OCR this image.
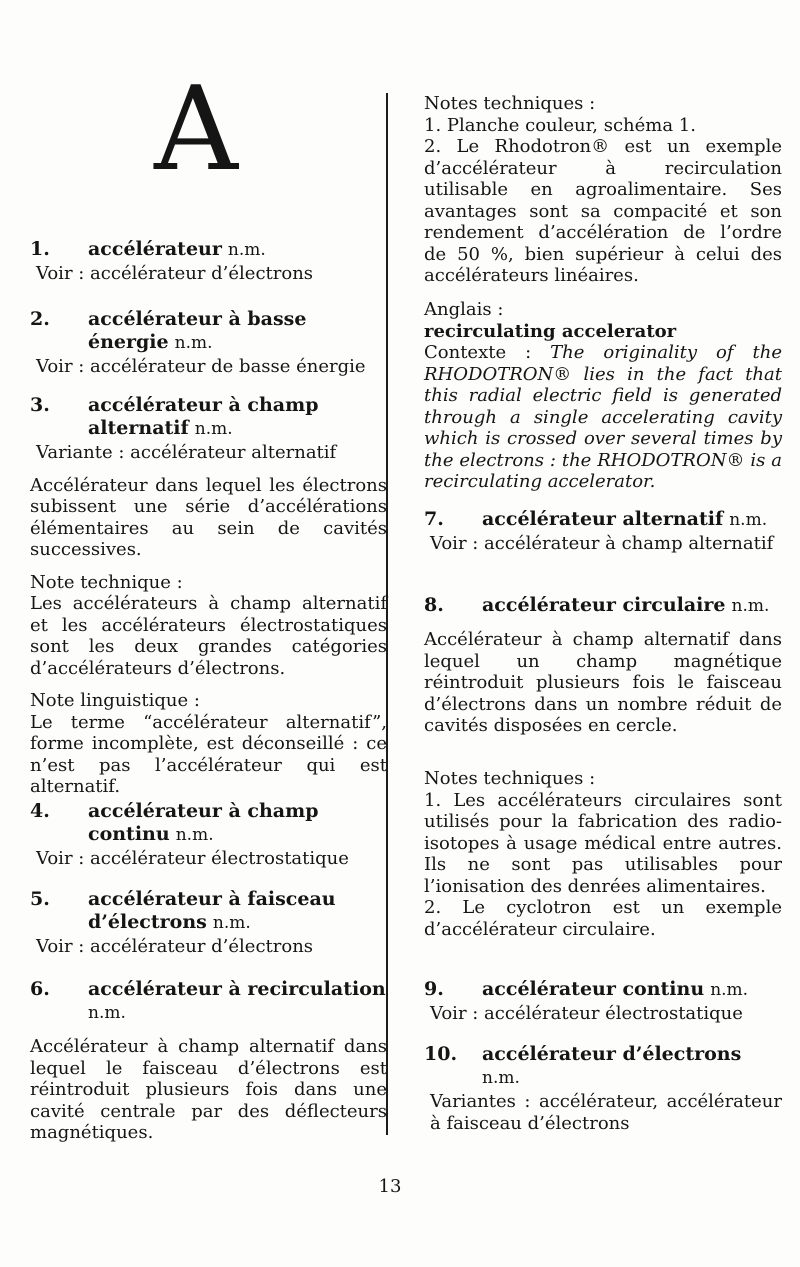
A
1.	accélérateur n.m.

Voir : accélérateur d’électrons

2.	accélérateur à basse énergie n.m.

Voir : accélérateur de basse énergie

3.	accélérateur à champ alternatif n.m.

Variante : accélérateur alternatif

Accélérateur dans lequel les électrons subissent une série d’accélérations élémentaires au sein de cavités successives.

Note technique :

Les accélérateurs à champ alternatif et les accélérateurs électrostatiques sont les deux grandes catégories d’accélérateurs d’électrons.

Note linguistique :

Le terme “accélérateur alternatif”, forme incomplète, est déconseillé : ce n’est pas l’accélérateur qui est alternatif.

4.	accélérateur à champ continu n.m.

Voir : accélérateur électrostatique

5.	accélérateur à faisceau d’électrons n.m.

Voir : accélérateur d’électrons

6.	accélérateur à recirculation n.m.

Accélérateur à champ alternatif dans lequel le faisceau d’électrons est réintroduit plusieurs fois dans une cavité centrale par des déflecteurs magnétiques.

Notes techniques :

1. Planche couleur, schéma 1.

2. Le Rhodotron® est un exemple d’accélérateur à recirculation utilisable en agroalimentaire. Ses avantages sont sa compacité et son rendement d’accélération de l’ordre de 50 %, bien supérieur à celui des accélérateurs linéaires.

Anglais :

recirculating accelerator

Contexte : The originality of the RHODOTRON® lies in the fact that this radial electric field is generated through a single accelerating cavity which is crossed over several times by the electrons : the RHODOTRON® is a recirculating accelerator.

7.	accélérateur alternatif n.m.

Voir : accélérateur à champ alternatif

8.	accélérateur circulaire n.m.

Accélérateur à champ alternatif dans lequel un champ magnétique réintroduit plusieurs fois le faisceau d’électrons dans un nombre réduit de cavités disposées en cercle.

Notes techniques :

1. Les accélérateurs circulaires sont utilisés pour la fabrication des radio-isotopes à usage médical entre autres. Ils ne sont pas utilisables pour l’ionisation des denrées alimentaires.

2. Le cyclotron est un exemple d’accélérateur circulaire.

9.	accélérateur continu n.m.

Voir : accélérateur électrostatique

10.	accélérateur d’électrons n.m.

Variantes : accélérateur, accélérateur à faisceau d’électrons

13
